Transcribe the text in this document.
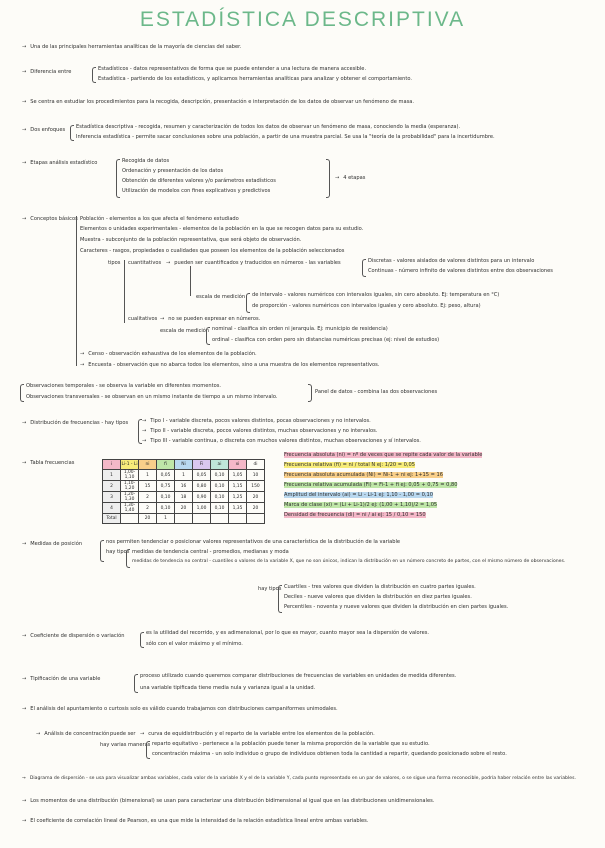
ESTADÍSTICA DESCRIPTIVA
→ Una de las principales herramientas analíticas de la mayoría de ciencias del saber.
→ Diferencia entre	Estadísticos - datos representativos de forma que se puede entender a una lectura de manera accesible.
Estadística - partiendo de los estadísticos, y aplicamos herramientas analíticas para analizar y obtener el comportamiento.
→ Se centra en estudiar los procedimientos para la recogida, descripción, presentación e interpretación de los datos de observar un fenómeno de masa.
→ Dos enfoques Estadística descriptiva - recogida, resumen y caracterización de todos los datos de observar un fenómeno de masa, conociendo la media (esperanza).
Inferencia estadística - permite sacar conclusiones sobre una población, a partir de una muestra parcial. Se usa la "teoría de la probabilidad" para la incertidumbre.
→ Etapas análisis estadístico	Recogida de datos
Ordenación y presentación de los datos
Obtención de diferentes valores y/o parámetros estadísticos
Utilización de modelos con fines explicativos y predictivos
→ 4 etapas
→ Conceptos básicos Población - elementos a los que afecta el fenómeno estudiado
Elementos o unidades experimentales - elementos de la población en la que se recogen datos para su estudio.
Muestra - subconjunto de la población representativa, que será objeto de observación.
Caracteres - rasgos, propiedades o cualidades que poseen los elementos de la población seleccionados
tipos cuantitativos → pueden ser cuantificados y traducidos en números - las variables	Discretas - valores aislados de valores distintos para un intervalo
Continuas - número infinito de valores distintos entre dos observaciones
escala de medición de intervalo - valores numéricos con intervalos iguales, sin cero absoluto. Ej: temperatura en °C)
de proporción - valores numéricos con intervalos iguales y cero absoluto. Ej: peso, altura)
cualitativos → no se pueden expresar en números.
escala de medición nominal - clasifica sin orden ni jerarquía. Ej: municipio de residencia)
ordinal - clasifica con orden pero sin distancias numéricas precisas (ej: nivel de estudios)
→ Censo - observación exhaustiva de los elementos de la población.
→ Encuesta - observación que no abarca todos los elementos, sino a una muestra de los elementos representativos.
Observaciones temporales - se observa la variable en diferentes momentos.
Observaciones transversales - se observan en un mismo instante de tiempo a un mismo intervalo.
Panel de datos - combina las dos observaciones
→ Distribución de frecuencias - hay tipos	→ Tipo I - variable discreta, pocos valores distintos, pocas observaciones y no intervalos.
→ Tipo II - variable discreta, pocos valores distintos, muchas observaciones y no intervalos.
→ Tipo III - variable continua, o discreta con muchos valores distintos, muchas observaciones y sí intervalos.
→ Tabla frecuencias	i	Li-1 - Li	ni	fi	Ni	Fi	ai	xi	di
1	1,00-1,10	1	0,05	1	0,05	0,10	1,05	10
2	1,10-1,20	15	0,75	16	0,80	0,10	1,15	150
3	1,20-1,30	2	0,10	18	0,90	0,10	1,25	20
4	1,30-1,40	2	0,10	20	1,00	0,10	1,35	20
Total		20	1					
Frecuencia absoluta (ni) = nº de veces que se repite cada valor de la variable
Frecuencia relativa (fi) = ni / total N ej: 1/20 = 0,05
Frecuencia absoluta acumulada (Ni) = Ni-1 + ni ej: 1+15 = 16
Frecuencia relativa acumulada (Fi) = Fi-1 + fi ej: 0,05 + 0,75 = 0,80
Amplitud del intervalo (ai) = Li - Li-1 ej: 1,10 - 1,00 = 0,10
Marca de clase (xi) = (Li + Li-1)/2 ej: (1,00 + 1,10)/2 = 1,05
Densidad de frecuencia (di) = ni / ai ej: 15 / 0,10 = 150
→ Medidas de posición	nos permiten tendenciar o posicionar valores representativos de una característica de la distribución de la variable
hay tipos medidas de tendencia central - promedios, medianas y moda
medidas de tendencia no central - cuantiles o valores de la variable X, que no son únicos, indican la distribución en un número concreto de partes, con el mismo número de observaciones.
hay tipos Cuartiles - tres valores que dividen la distribución en cuatro partes iguales.
Deciles - nueve valores que dividen la distribución en diez partes iguales.
Percentiles - noventa y nueve valores que dividen la distribución en cien partes iguales.
→ Coeficiente de dispersión o variación	es la utilidad del recorrido, y es adimensional, por lo que es mayor, cuanto mayor sea la dispersión de valores.
sólo con el valor máximo y el mínimo.
→ Tipificación de una variable	proceso utilizado cuando queremos comparar distribuciones de frecuencias de variables en unidades de medida diferentes.
una variable tipificada tiene media nula y varianza igual a la unidad.
→ El análisis del apuntamiento o curtosis solo es válido cuando trabajamos con distribuciones campaniformes unimodales.
→ Análisis de concentración puede ser → curva de equidistribución y el reparto de la variable entre los elementos de la población.
hay varias maneras reparto equitativo - pertenece a la población puede tener la misma proporción de la variable que su estudio.
concentración máxima - un solo individuo o grupo de individuos obtienen toda la cantidad a repartir, quedando posicionado sobre el resto.
→ Diagrama de dispersión - se usa para visualizar ambas variables, cada valor de la variable X y el de la variable Y, cada punto representado en un par de valores, o se sigue una forma reconocible, podría haber relación entre las variables.
→ Los momentos de una distribución (bimensional) se usan para caracterizar una distribución bidimensional al igual que en las distribuciones unidimensionales.
→ El coeficiente de correlación lineal de Pearson, es una que mide la intensidad de la relación estadística lineal entre ambas variables.
